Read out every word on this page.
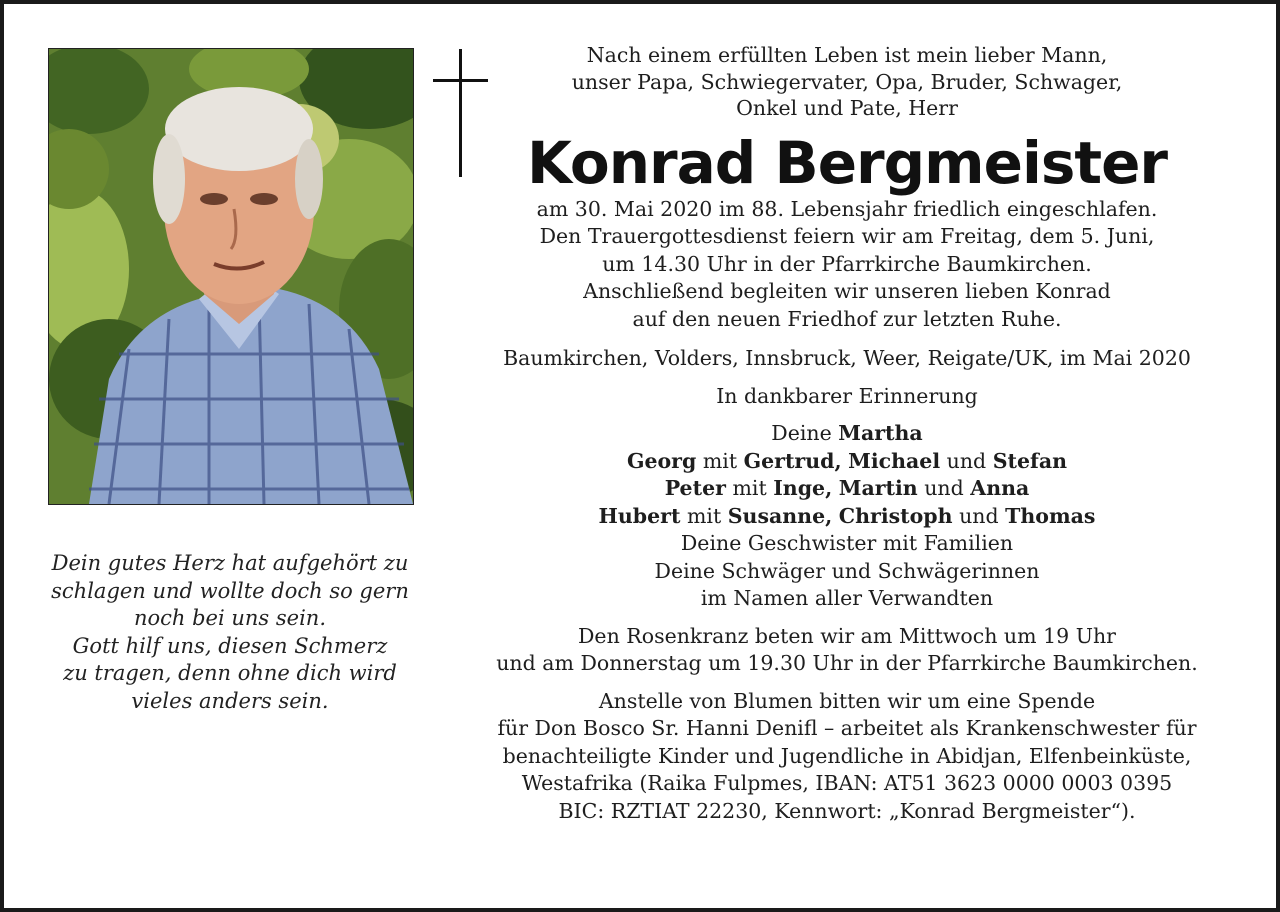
Dein gutes Herz hat aufgehört zu
schlagen und wollte doch so gern
noch bei uns sein.
Gott hilf uns, diesen Schmerz
zu tragen, denn ohne dich wird
vieles anders sein.
Nach einem erfüllten Leben ist mein lieber Mann,
unser Papa, Schwiegervater, Opa, Bruder, Schwager,
Onkel und Pate, Herr
Konrad Bergmeister
am 30. Mai 2020 im 88. Lebensjahr friedlich eingeschlafen.
Den Trauergottesdienst feiern wir am Freitag, dem 5. Juni,
um 14.30 Uhr in der Pfarrkirche Baumkirchen.
Anschließend begleiten wir unseren lieben Konrad
auf den neuen Friedhof zur letzten Ruhe.
Baumkirchen, Volders, Innsbruck, Weer, Reigate/UK, im Mai 2020
In dankbarer Erinnerung
Deine Martha
Georg mit Gertrud, Michael und Stefan
Peter mit Inge, Martin und Anna
Hubert mit Susanne, Christoph und Thomas
Deine Geschwister mit Familien
Deine Schwäger und Schwägerinnen
im Namen aller Verwandten
Den Rosenkranz beten wir am Mittwoch um 19 Uhr
und am Donnerstag um 19.30 Uhr in der Pfarrkirche Baumkirchen.
Anstelle von Blumen bitten wir um eine Spende
für Don Bosco Sr. Hanni Denifl – arbeitet als Krankenschwester für
benachteiligte Kinder und Jugendliche in Abidjan, Elfenbeinküste,
Westafrika (Raika Fulpmes, IBAN: AT51 3623 0000 0003 0395
BIC: RZTIAT 22230, Kennwort: „Konrad Bergmeister“).
